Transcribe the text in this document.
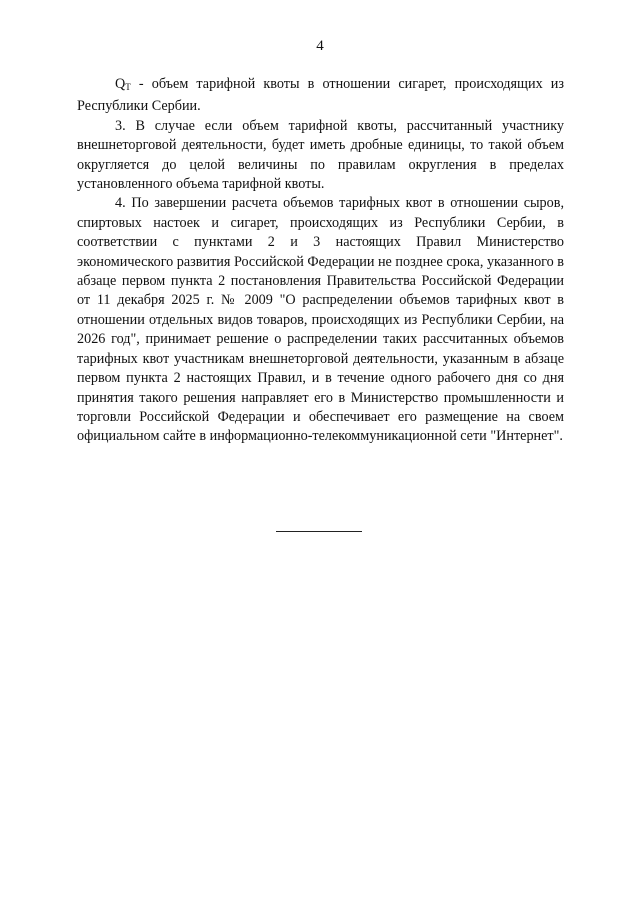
4

QT - объем тарифной квоты в отношении сигарет, происходящих из Республики Сербии.

3. В случае если объем тарифной квоты, рассчитанный участнику внешнеторговой деятельности, будет иметь дробные единицы, то такой объем округляется до целой величины по правилам округления в пределах установленного объема тарифной квоты.

4. По завершении расчета объемов тарифных квот в отношении сыров, спиртовых настоек и сигарет, происходящих из Республики Сербии, в соответствии с пунктами 2 и 3 настоящих Правил Министерство экономического развития Российской Федерации не позднее срока, указанного в абзаце первом пункта 2 постановления Правительства Российской Федерации от 11 декабря 2025 г. № 2009 "О распределении объемов тарифных квот в отношении отдельных видов товаров, происходящих из Республики Сербии, на 2026 год", принимает решение о распределении таких рассчитанных объемов тарифных квот участникам внешнеторговой деятельности, указанным в абзаце первом пункта 2 настоящих Правил, и в течение одного рабочего дня со дня принятия такого решения направляет его в Министерство промышленности и торговли Российской Федерации и обеспечивает его размещение на своем официальном сайте в информационно-телекоммуникационной сети "Интернет".
